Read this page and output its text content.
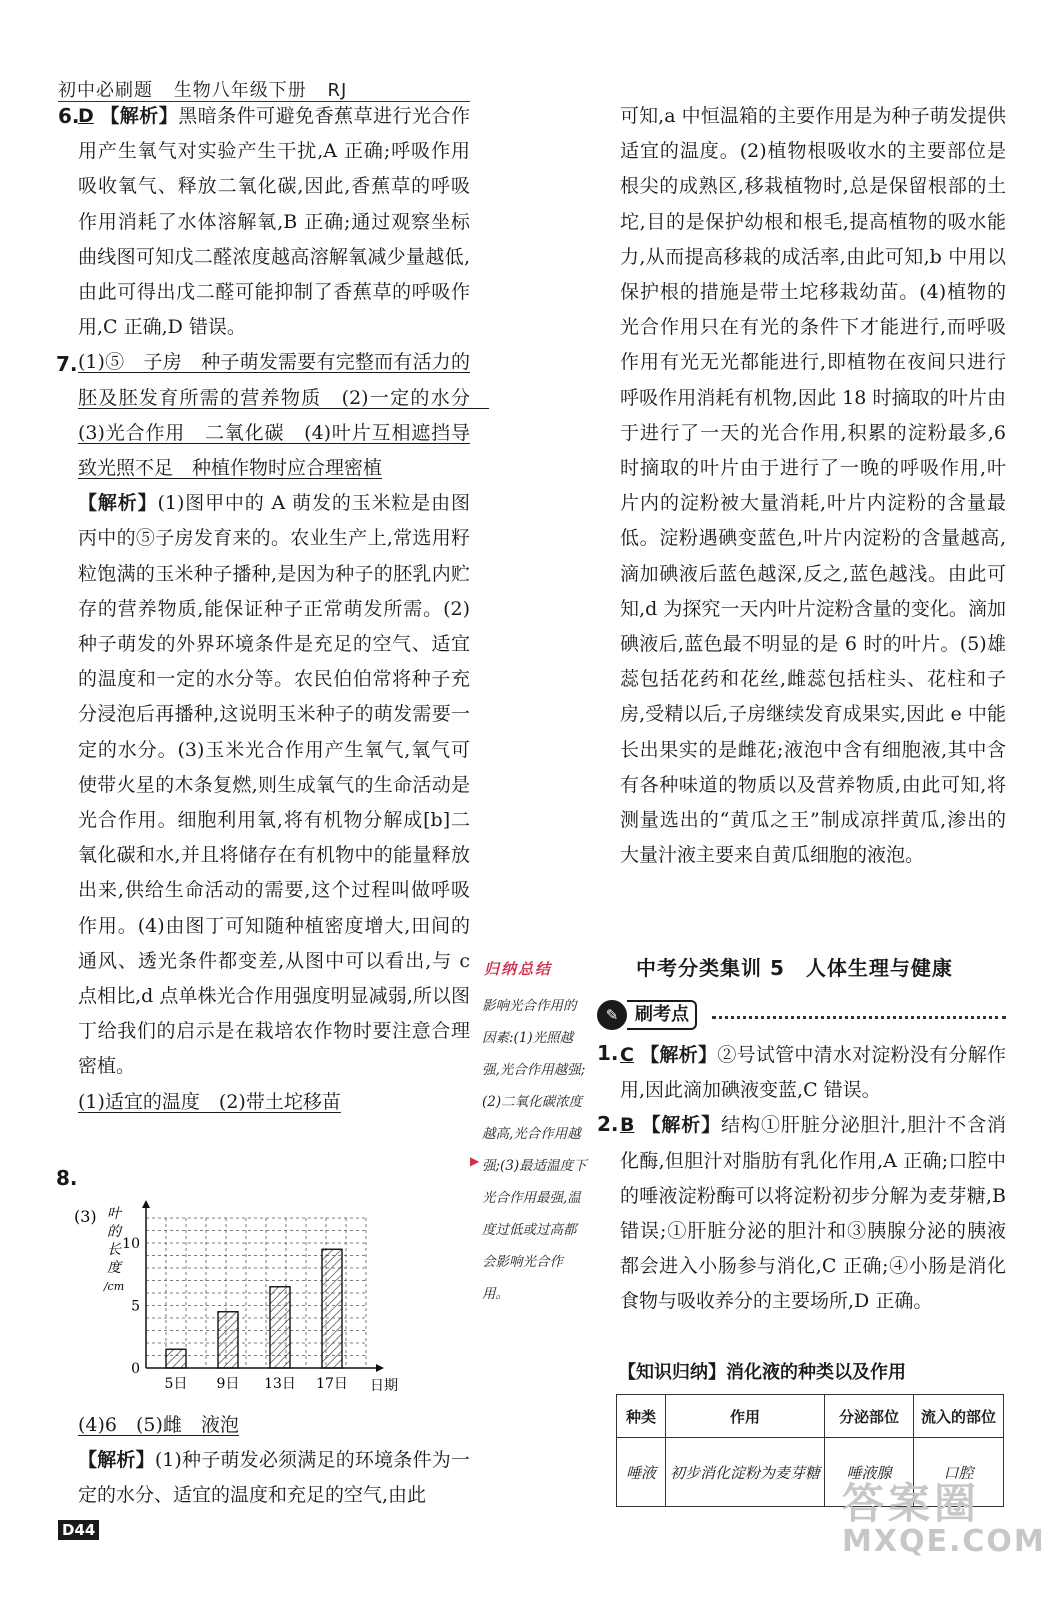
初中必刷题 生物八年级下册 RJ
6.
7.
8.

D 【解析】黑暗条件可避免香蕉草进行光合作用产生氧气对实验产生干扰,A 正确;呼吸作用吸收氧气、释放二氧化碳,因此,香蕉草的呼吸作用消耗了水体溶解氧,B 正确;通过观察坐标曲线图可知戊二醛浓度越高溶解氧减少量越低,由此可得出戊二醛可能抑制了香蕉草的呼吸作用,C 正确,D 错误。

(1)⑤　子房　种子萌发需要有完整而有活力的胚及胚发育所需的营养物质　(2)一定的水分　(3)光合作用　二氧化碳　(4)叶片互相遮挡导致光照不足　种植作物时应合理密植

【解析】(1)图甲中的 A 萌发的玉米粒是由图丙中的⑤子房发育来的。农业生产上,常选用籽粒饱满的玉米种子播种,是因为种子的胚乳内贮存的营养物质,能保证种子正常萌发所需。(2)种子萌发的外界环境条件是充足的空气、适宜的温度和一定的水分等。农民伯伯常将种子充分浸泡后再播种,这说明玉米种子的萌发需要一定的水分。(3)玉米光合作用产生氧气,氧气可使带火星的木条复燃,则生成氧气的生命活动是光合作用。细胞利用氧,将有机物分解成[b]二氧化碳和水,并且将储存在有机物中的能量释放出来,供给生命活动的需要,这个过程叫做呼吸作用。(4)由图丁可知随种植密度增大,田间的通风、透光条件都变差,从图中可以看出,与 c 点相比,d 点单株光合作用强度明显减弱,所以图丁给我们的启示是在栽培农作物时要注意合理密植。

(1)适宜的温度　(2)带土坨移苗

(3) 叶
的
长
度
/cm
0
5
10
5日 9日 13日 17日 日期

(4)6　(5)雌　液泡

【解析】(1)种子萌发必须满足的环境条件为一定的水分、适宜的温度和充足的空气,由此

归纳总结
▶
影响光合作用的因素:(1)光照越强,光合作用越强;(2)二氧化碳浓度越高,光合作用越强;(3)最适温度下光合作用最强,温度过低或过高都会影响光合作用。

可知,a 中恒温箱的主要作用是为种子萌发提供适宜的温度。(2)植物根吸收水的主要部位是根尖的成熟区,移栽植物时,总是保留根部的土坨,目的是保护幼根和根毛,提高植物的吸水能力,从而提高移栽的成活率,由此可知,b 中用以保护根的措施是带土坨移栽幼苗。(4)植物的光合作用只在有光的条件下才能进行,而呼吸作用有光无光都能进行,即植物在夜间只进行呼吸作用消耗有机物,因此 18 时摘取的叶片由于进行了一天的光合作用,积累的淀粉最多,6 时摘取的叶片由于进行了一晚的呼吸作用,叶片内的淀粉被大量消耗,叶片内淀粉的含量最低。淀粉遇碘变蓝色,叶片内淀粉的含量越高,滴加碘液后蓝色越深,反之,蓝色越浅。由此可知,d 为探究一天内叶片淀粉含量的变化。滴加碘液后,蓝色最不明显的是 6 时的叶片。(5)雄蕊包括花药和花丝,雌蕊包括柱头、花柱和子房,受精以后,子房继续发育成果实,因此 e 中能长出果实的是雌花;液泡中含有细胞液,其中含有各种味道的物质以及营养物质,由此可知,将测量选出的“黄瓜之王”制成凉拌黄瓜,渗出的大量汁液主要来自黄瓜细胞的液泡。

中考分类集训 5　人体生理与健康
✎ 刷考点
1.
2.

C 【解析】②号试管中清水对淀粉没有分解作用,因此滴加碘液变蓝,C 错误。

B 【解析】结构①肝脏分泌胆汁,胆汁不含消化酶,但胆汁对脂肪有乳化作用,A 正确;口腔中的唾液淀粉酶可以将淀粉初步分解为麦芽糖,B 错误;①肝脏分泌的胆汁和③胰腺分泌的胰液都会进入小肠参与消化,C 正确;④小肠是消化食物与吸收养分的主要场所,D 正确。

【知识归纳】消化液的种类以及作用
种类	作用	分泌部位	流入的部位
唾液	初步消化淀粉为麦芽糖	唾液腺	口腔
D44
答案圈
MXQE.COM
